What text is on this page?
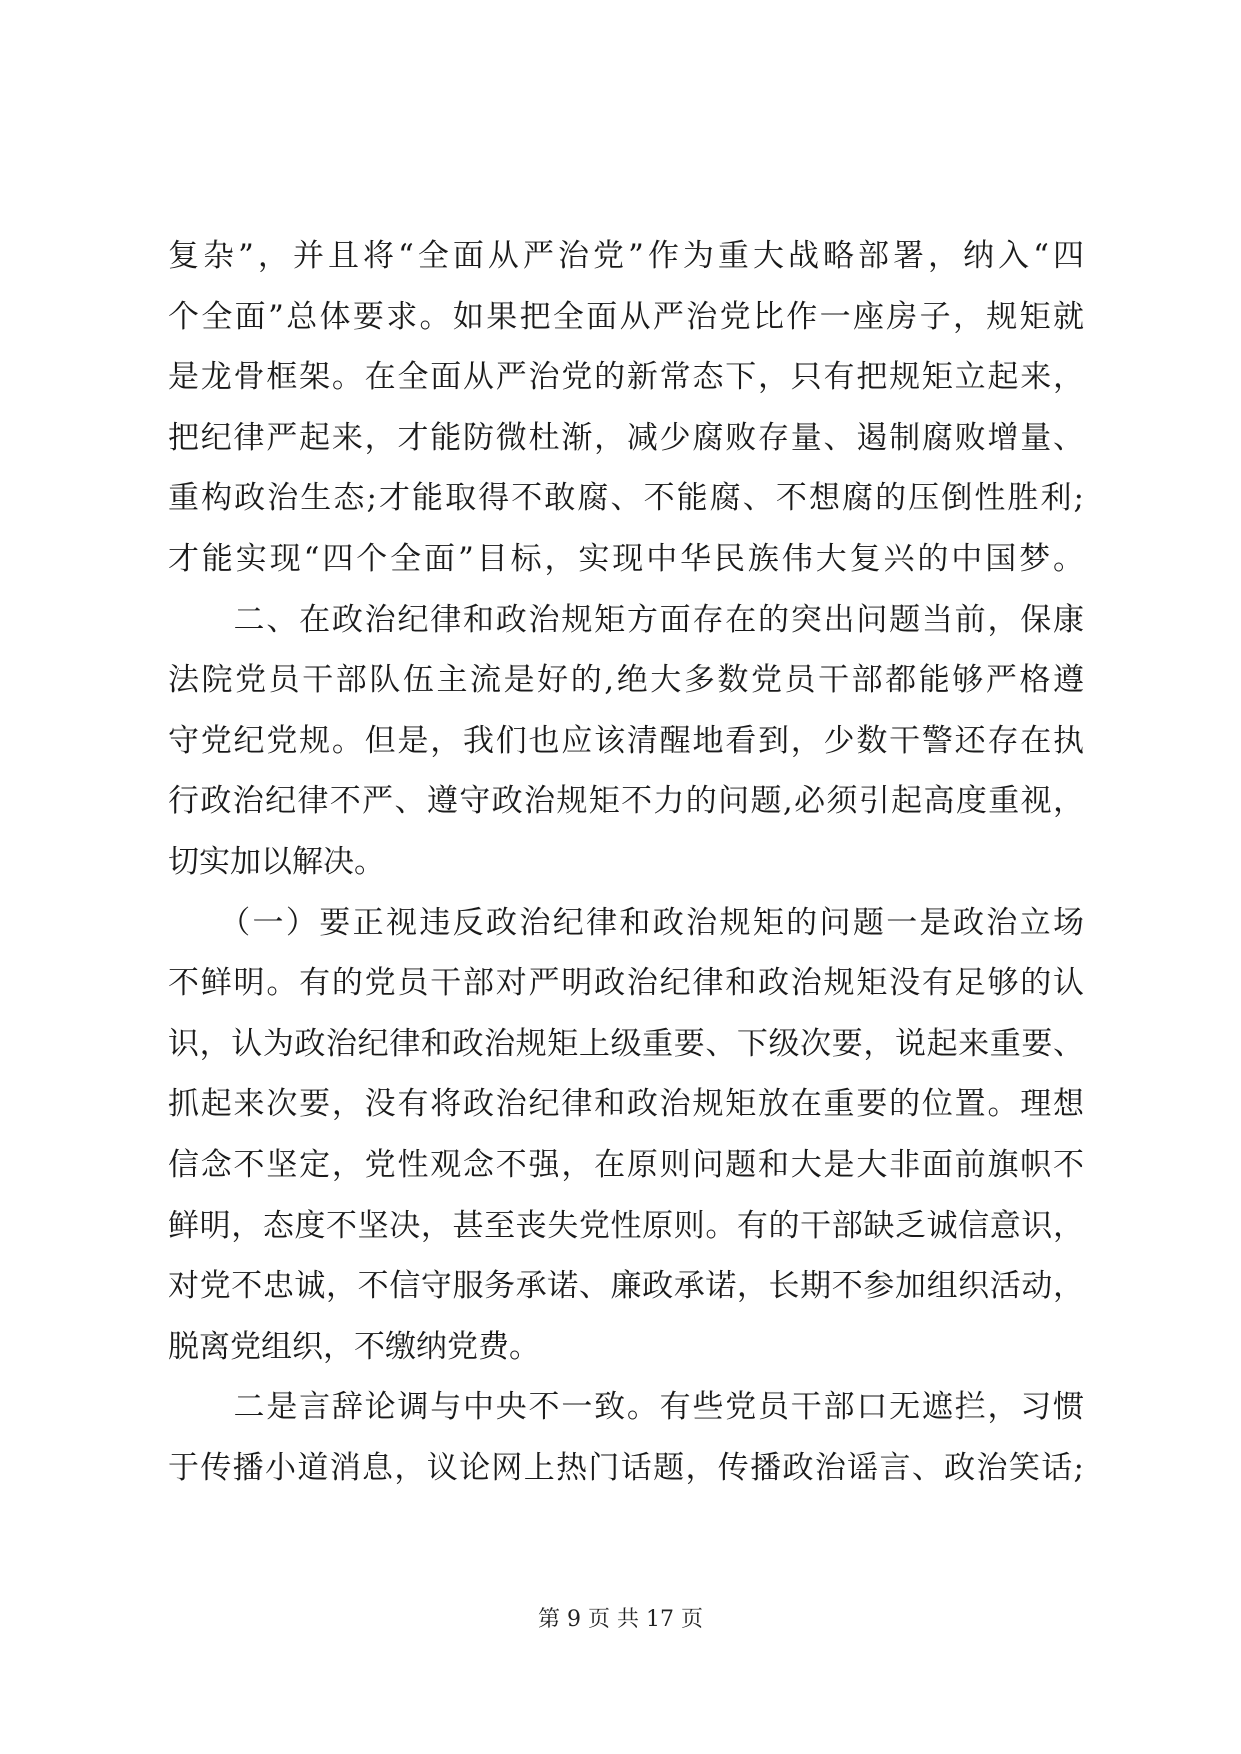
复杂”，并且将“全面从严治党”作为重大战略部署，纳入“四
个全面”总体要求。如果把全面从严治党比作一座房子，规矩就
是龙骨框架。在全面从严治党的新常态下，只有把规矩立起来，
把纪律严起来，才能防微杜渐，减少腐败存量、遏制腐败增量、
重构政治生态;才能取得不敢腐、不能腐、不想腐的压倒性胜利;
才能实现“四个全面”目标，实现中华民族伟大复兴的中国梦。
　　二、在政治纪律和政治规矩方面存在的突出问题当前，保康
法院党员干部队伍主流是好的,绝大多数党员干部都能够严格遵
守党纪党规。但是，我们也应该清醒地看到，少数干警还存在执
行政治纪律不严、遵守政治规矩不力的问题,必须引起高度重视，
切实加以解决。
　　（一）要正视违反政治纪律和政治规矩的问题一是政治立场
不鲜明。有的党员干部对严明政治纪律和政治规矩没有足够的认
识，认为政治纪律和政治规矩上级重要、下级次要，说起来重要、
抓起来次要，没有将政治纪律和政治规矩放在重要的位置。理想
信念不坚定，党性观念不强，在原则问题和大是大非面前旗帜不
鲜明，态度不坚决，甚至丧失党性原则。有的干部缺乏诚信意识，
对党不忠诚，不信守服务承诺、廉政承诺，长期不参加组织活动，
脱离党组织，不缴纳党费。
　　二是言辞论调与中央不一致。有些党员干部口无遮拦，习惯
于传播小道消息，议论网上热门话题，传播政治谣言、政治笑话;
第 9 页 共 17 页
